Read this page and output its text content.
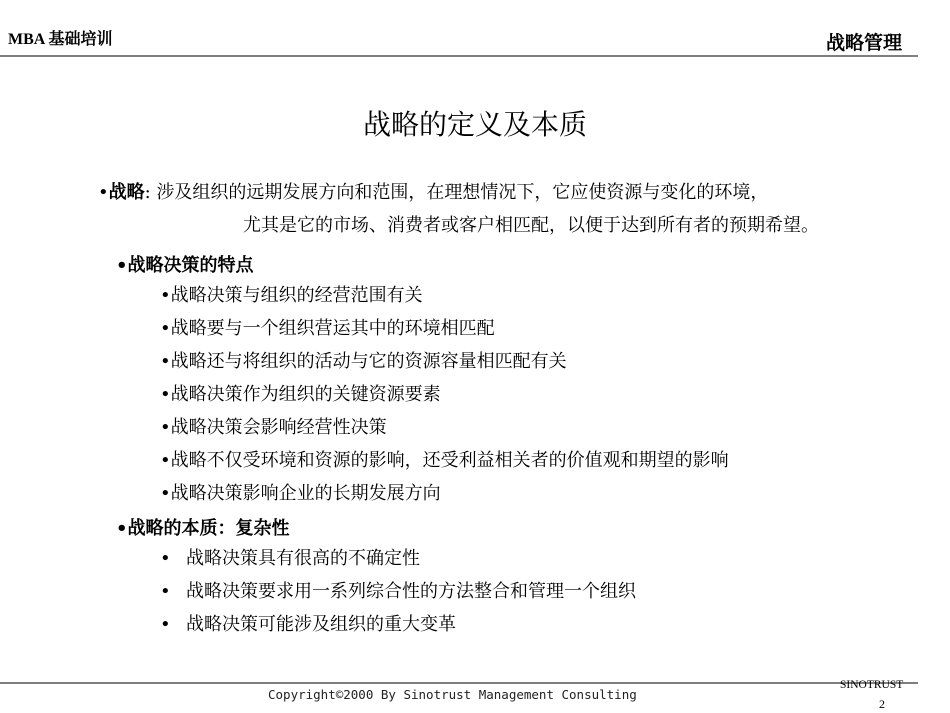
MBA 基础培训	战略管理
战略的定义及本质
•战略: 涉及组织的远期发展方向和范围，在理想情况下，它应使资源与变化的环境，
尤其是它的市场、消费者或客户相匹配，以便于达到所有者的预期希望。
•战略决策的特点
•战略决策与组织的经营范围有关
•战略要与一个组织营运其中的环境相匹配
•战略还与将组织的活动与它的资源容量相匹配有关
•战略决策作为组织的关键资源要素
•战略决策会影响经营性决策
•战略不仅受环境和资源的影响，还受利益相关者的价值观和期望的影响
•战略决策影响企业的长期发展方向
•战略的本质：复杂性
• 战略决策具有很高的不确定性
• 战略决策要求用一系列综合性的方法整合和管理一个组织
• 战略决策可能涉及组织的重大变革
Copyright©2000 By Sinotrust Management Consulting
SINOTRUST
2
